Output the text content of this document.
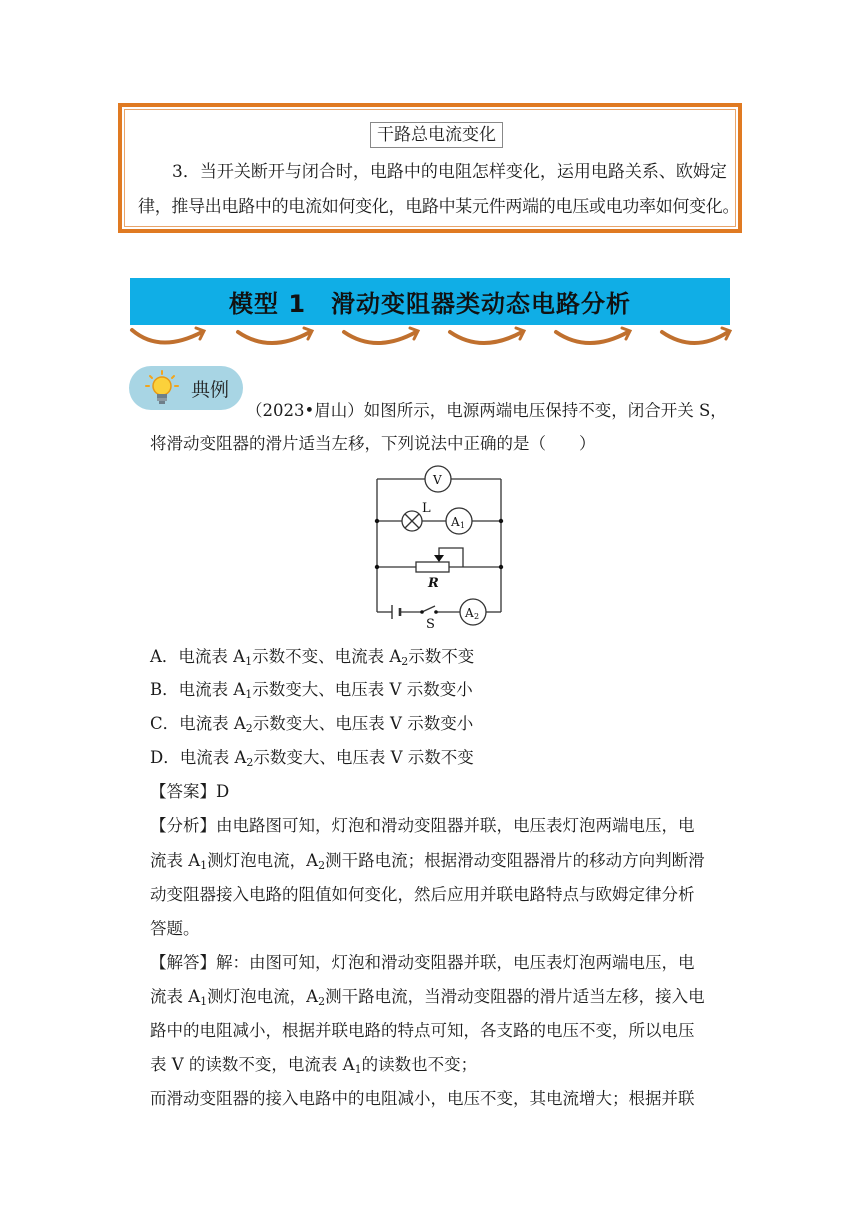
干路总电流变化
3．当开关断开与闭合时，电路中的电阻怎样变化，运用电路关系、欧姆定
律，推导出电路中的电流如何变化，电路中某元件两端的电压或电功率如何变化。
模型 1　滑动变阻器类动态电路分析
典例
（2023•眉山）如图所示，电源两端电压保持不变，闭合开关 S，
将滑动变阻器的滑片适当左移，下列说法中正确的是（　　）
V
L
A 1
R
S
A 2
A．电流表 $A_1$示数不变、电流表 $A_2$示数不变
B．电流表 $A_1$示数变大、电压表 V 示数变小
C．电流表 $A_2$示数变大、电压表 V 示数变小
D．电流表 $A_2$示数变大、电压表 V 示数不变
【答案】D
【分析】由电路图可知，灯泡和滑动变阻器并联，电压表灯泡两端电压，电
流表 $A_1$测灯泡电流，$A_2$测干路电流；根据滑动变阻器滑片的移动方向判断滑
动变阻器接入电路的阻值如何变化，然后应用并联电路特点与欧姆定律分析
答题。
【解答】解：由图可知，灯泡和滑动变阻器并联，电压表灯泡两端电压，电
流表 $A_1$测灯泡电流，$A_2$测干路电流，当滑动变阻器的滑片适当左移，接入电
路中的电阻减小，根据并联电路的特点可知，各支路的电压不变，所以电压
表 V 的读数不变，电流表 $A_1$的读数也不变；
而滑动变阻器的接入电路中的电阻减小，电压不变，其电流增大；根据并联
